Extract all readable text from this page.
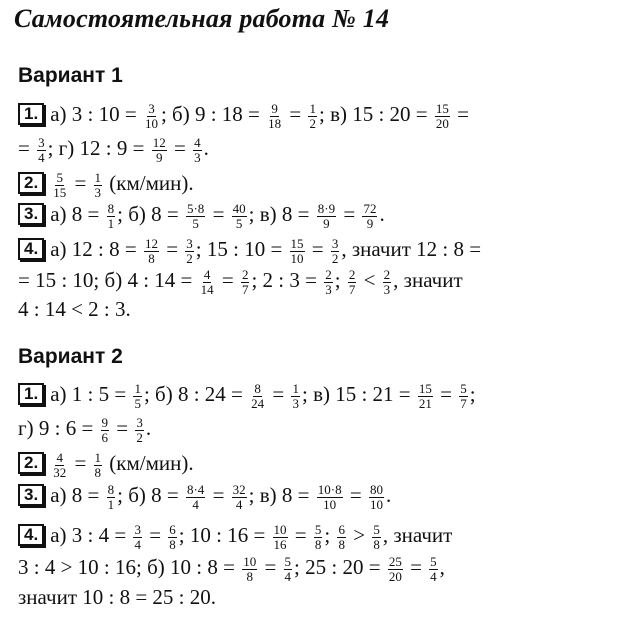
Самостоятельная работа № 14
Вариант 1
1. а) 3 : $10 = \frac{3}{10}$ ; б) 9 : $18 = \frac{9}{18} = \frac{1}{2}$ ; в) 15 : $20 = \frac{15}{20}$ =
= $\frac{3}{4}$ ; г) 12 : $9 = \frac{12}{9} = \frac{4}{3}$ .
2. $\frac{5}{15} = \frac{1}{3} (км/мин)$.
3. а) $8 = \frac{8}{1}$ ; б) $8 = \frac{5\cdot 8}{5} = \frac{40}{5}$ ; в) $8 = \frac{8\cdot 9}{9} = \frac{72}{9}$ .
4. а) 12 : $8 = \frac{12}{8} = \frac{3}{2}$ ; 15 : $10 = \frac{15}{10} = \frac{3}{2}$ , значит 12 : 8 =
= 15 : 10; б) 4 : $14 = \frac{4}{14} = \frac{2}{7}$ ; 2 : $3 = \frac{2}{3}$ ; $\frac{2}{7} < \frac{2}{3}$ , значит
4 : 14 < 2 : 3.
Вариант 2
1. а) 1 : $5 = \frac{1}{5}$ ; б) 8 : $24 = \frac{8}{24} = \frac{1}{3}$ ; в) 15 : $21 = \frac{15}{21} = \frac{5}{7}$ ;
г) 9 : $6 = \frac{9}{6} = \frac{3}{2}$ .
2. $\frac{4}{32} = \frac{1}{8} (км/мин)$.
3. а) $8 = \frac{8}{1}$ ; б) $8 = \frac{8\cdot 4}{4} = \frac{32}{4}$ ; в) $8 = \frac{10\cdot 8}{10} = \frac{80}{10}$ .
4. а) 3 : $4 = \frac{3}{4} = \frac{6}{8}$ ; 10 : $16 = \frac{10}{16} = \frac{5}{8}$ ; $\frac{6}{8} > \frac{5}{8}$ , значит
3 : 4 > 10 : 16; б) 10 : $8 = \frac{10}{8} = \frac{5}{4}$ ; 25 : $20 = \frac{25}{20} = \frac{5}{4}$ ,
значит 10 : 8 = 25 : 20.
